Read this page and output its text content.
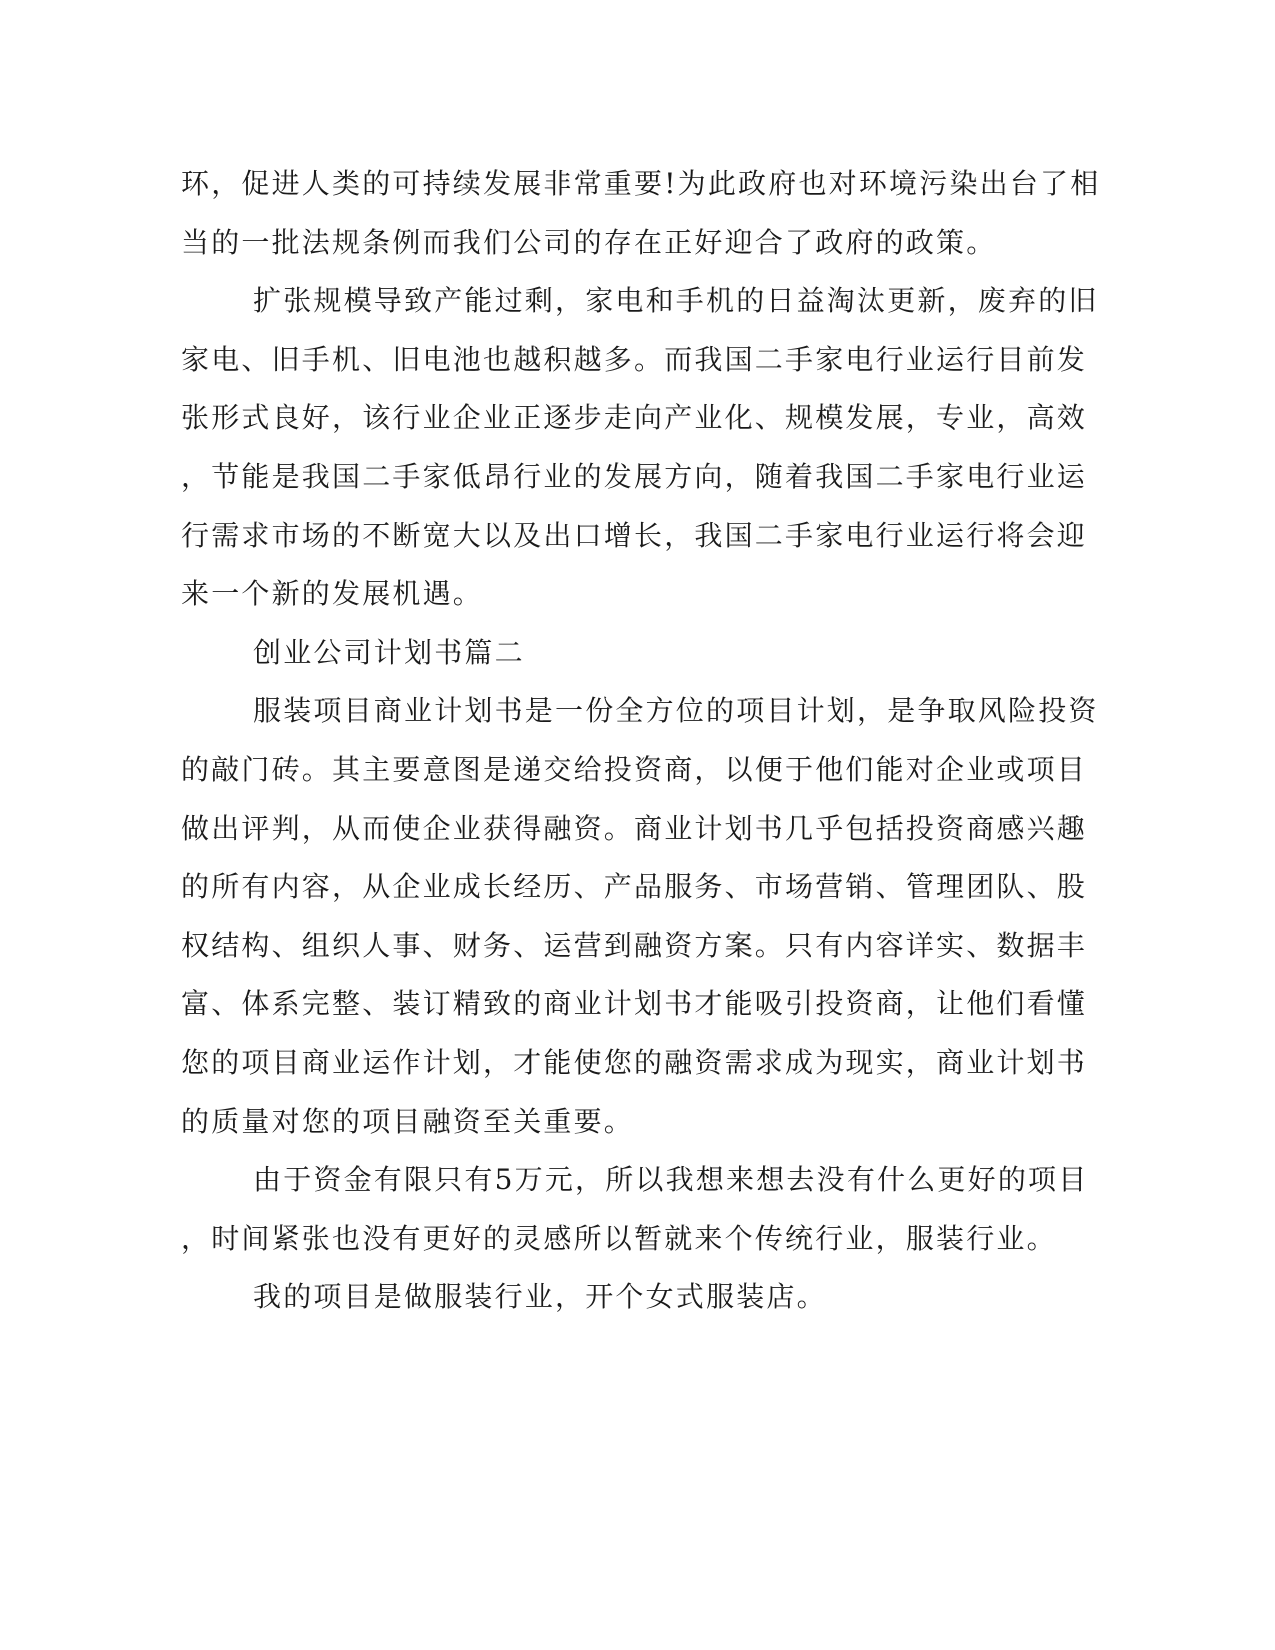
环，促进人类的可持续发展非常重要!为此政府也对环境污染出台了相
当的一批法规条例而我们公司的存在正好迎合了政府的政策。
扩张规模导致产能过剩，家电和手机的日益淘汰更新，废弃的旧
家电、旧手机、旧电池也越积越多。而我国二手家电行业运行目前发
张形式良好，该行业企业正逐步走向产业化、规模发展，专业，高效
，节能是我国二手家低昂行业的发展方向，随着我国二手家电行业运
行需求市场的不断宽大以及出口增长，我国二手家电行业运行将会迎
来一个新的发展机遇。
创业公司计划书篇二
服装项目商业计划书是一份全方位的项目计划，是争取风险投资
的敲门砖。其主要意图是递交给投资商，以便于他们能对企业或项目
做出评判，从而使企业获得融资。商业计划书几乎包括投资商感兴趣
的所有内容，从企业成长经历、产品服务、市场营销、管理团队、股
权结构、组织人事、财务、运营到融资方案。只有内容详实、数据丰
富、体系完整、装订精致的商业计划书才能吸引投资商，让他们看懂
您的项目商业运作计划，才能使您的融资需求成为现实，商业计划书
的质量对您的项目融资至关重要。
由于资金有限只有5万元，所以我想来想去没有什么更好的项目
，时间紧张也没有更好的灵感所以暂就来个传统行业，服装行业。
我的项目是做服装行业，开个女式服装店。
